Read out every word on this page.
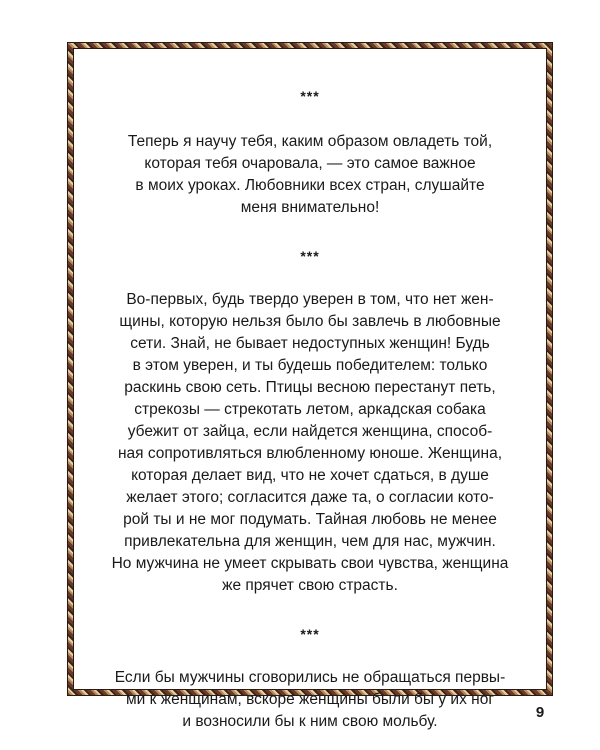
***

Теперь я научу тебя, каким образом овладеть той,
которая тебя очаровала, — это самое важное
в моих уроках. Любовники всех стран, слушайте
меня внимательно!

***

Во-первых, будь твердо уверен в том, что нет жен-
щины, которую нельзя было бы завлечь в любовные
сети. Знай, не бывает недоступных женщин! Будь
в этом уверен, и ты будешь победителем: только
раскинь свою сеть. Птицы весною перестанут петь,
стрекозы — стрекотать летом, аркадская собака
убежит от зайца, если найдется женщина, способ-
ная сопротивляться влюбленному юноше. Женщина,
которая делает вид, что не хочет сдаться, в душе
желает этого; согласится даже та, о согласии кото-
рой ты и не мог подумать. Тайная любовь не менее
привлекательна для женщин, чем для нас, мужчин.
Но мужчина не умеет скрывать свои чувства, женщина
же прячет свою страсть.

***

Если бы мужчины сговорились не обращаться первы-
ми к женщинам, вскоре женщины были бы у их ног
и возносили бы к ним свою мольбу.

9
